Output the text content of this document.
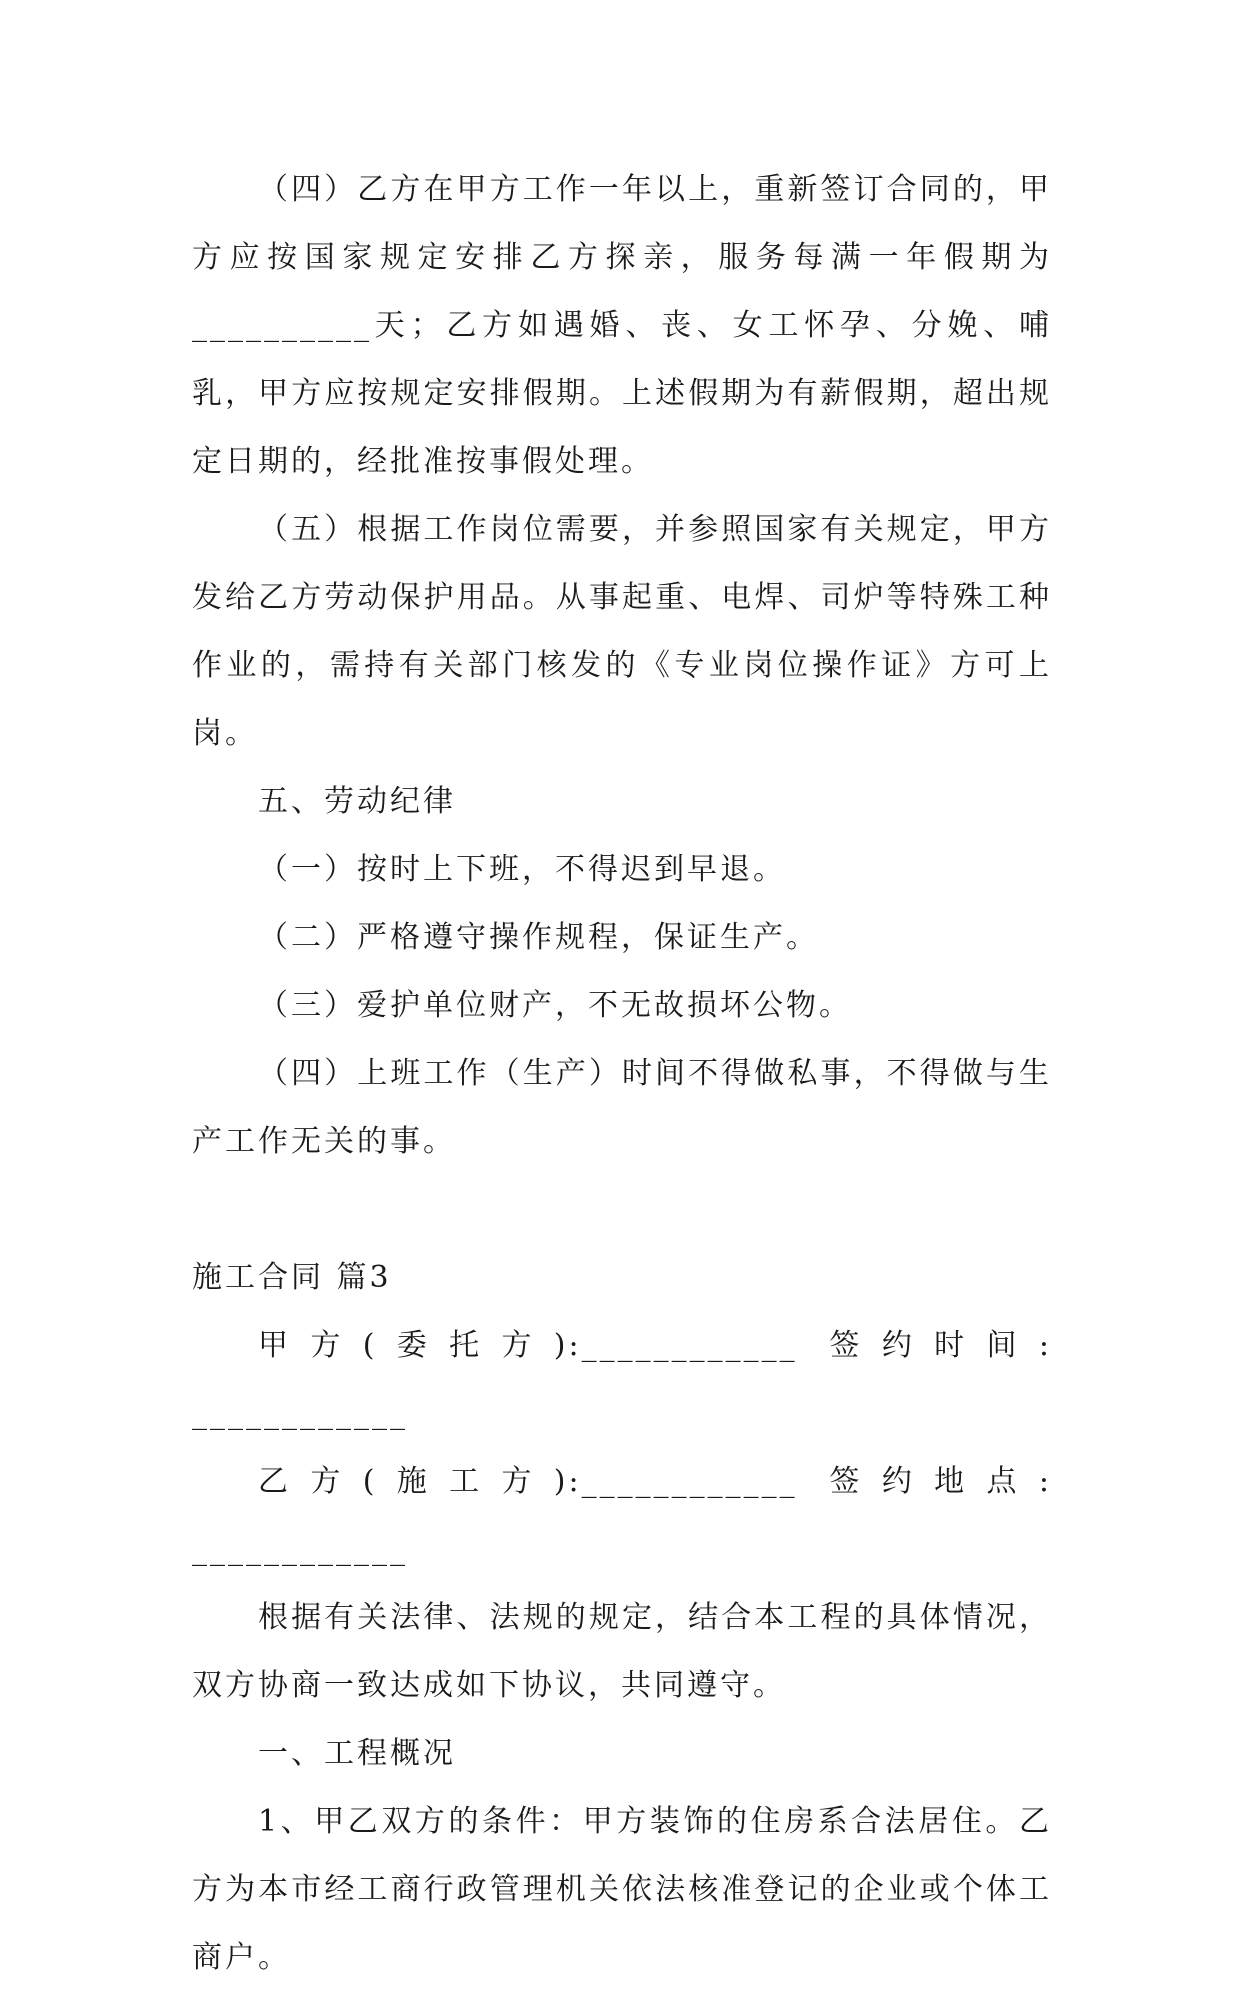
（四）乙方在甲方工作一年以上，重新签订合同的，甲方应按国家规定安排乙方探亲，服务每满一年假期为__________天；乙方如遇婚、丧、女工怀孕、分娩、哺乳，甲方应按规定安排假期。上述假期为有薪假期，超出规定日期的，经批准按事假处理。

（五）根据工作岗位需要，并参照国家有关规定，甲方发给乙方劳动保护用品。从事起重、电焊、司炉等特殊工种作业的，需持有关部门核发的《专业岗位操作证》方可上岗。

五、劳动纪律

（一）按时上下班，不得迟到早退。

（二）严格遵守操作规程，保证生产。

（三）爱护单位财产，不无故损坏公物。

（四）上班工作（生产）时间不得做私事，不得做与生产工作无关的事。

施工合同 篇3

甲方(委托方):____________ 签约时间: ____________

乙方(施工方):____________ 签约地点: ____________

根据有关法律、法规的规定，结合本工程的具体情况，双方协商一致达成如下协议，共同遵守。

一、工程概况

1、甲乙双方的条件：甲方装饰的住房系合法居住。乙方为本市经工商行政管理机关依法核准登记的企业或个体工商户。
